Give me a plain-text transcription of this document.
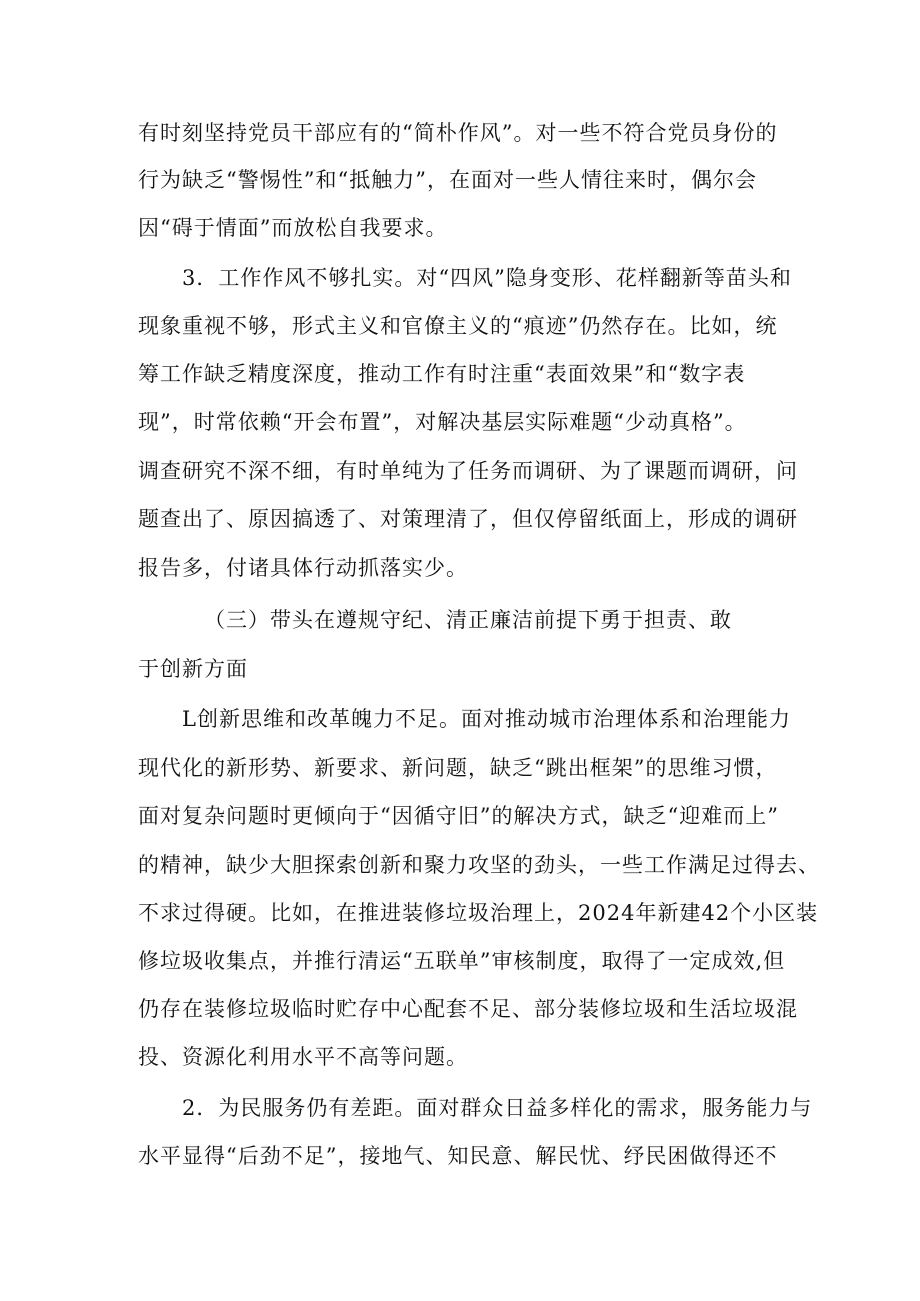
有时刻坚持党员干部应有的“简朴作风”。对一些不符合党员身份的
行为缺乏“警惕性”和“抵触力”，在面对一些人情往来时，偶尔会
因“碍于情面”而放松自我要求。
3．工作作风不够扎实。对“四风”隐身变形、花样翻新等苗头和
现象重视不够，形式主义和官僚主义的“痕迹”仍然存在。比如，统
筹工作缺乏精度深度，推动工作有时注重“表面效果”和“数字表
现”，时常依赖“开会布置”，对解决基层实际难题“少动真格”。
调查研究不深不细，有时单纯为了任务而调研、为了课题而调研，问
题查出了、原因搞透了、对策理清了，但仅停留纸面上，形成的调研
报告多，付诸具体行动抓落实少。
（三）带头在遵规守纪、清正廉洁前提下勇于担责、敢
于创新方面
L创新思维和改革魄力不足。面对推动城市治理体系和治理能力
现代化的新形势、新要求、新问题，缺乏“跳出框架”的思维习惯，
面对复杂问题时更倾向于“因循守旧”的解决方式，缺乏“迎难而上”
的精神，缺少大胆探索创新和聚力攻坚的劲头，一些工作满足过得去、
不求过得硬。比如，在推进装修垃圾治理上，2024年新建42个小区装
修垃圾收集点，并推行清运“五联单”审核制度，取得了一定成效,但
仍存在装修垃圾临时贮存中心配套不足、部分装修垃圾和生活垃圾混
投、资源化利用水平不高等问题。
2．为民服务仍有差距。面对群众日益多样化的需求，服务能力与
水平显得“后劲不足”，接地气、知民意、解民忧、纾民困做得还不
